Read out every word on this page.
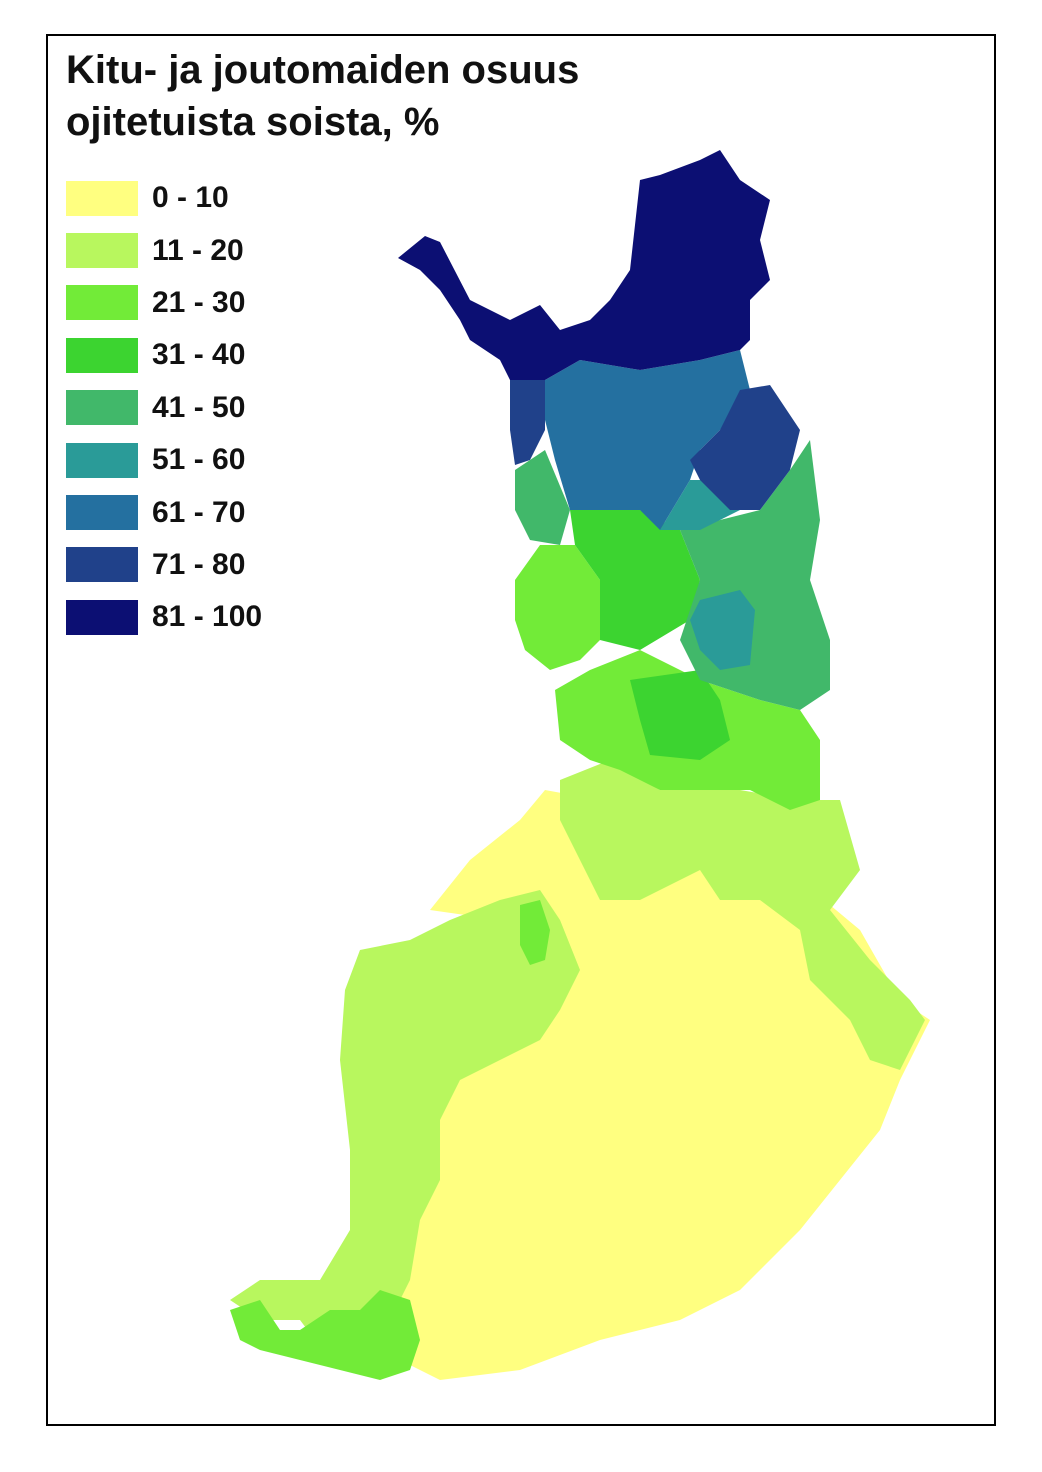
Kitu- ja joutomaiden osuus
ojitetuista soista, %
0 - 10
11 - 20
21 - 30
31 - 40
41 - 50
51 - 60
61 - 70
71 - 80
81 - 100
